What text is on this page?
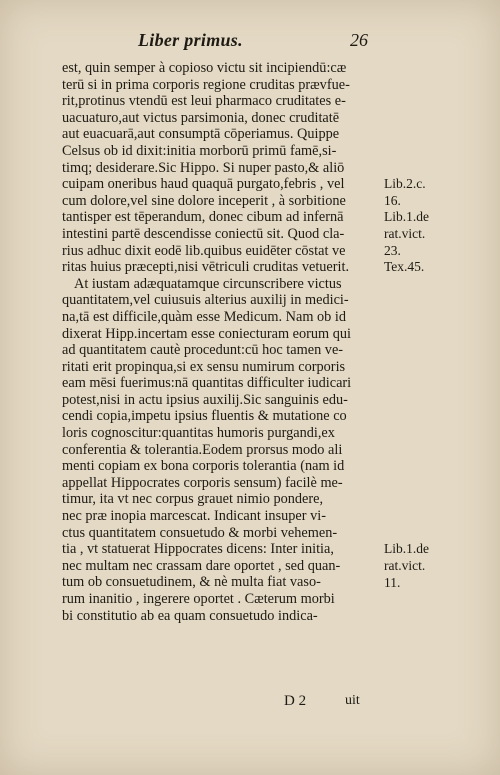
Liber primus.	26
est, quin semper à copioso victu sit incipiendū:cæ
terū si in prima corporis regione cruditas prævfue-
rit,protinus vtendū est leui pharmaco cruditates e-
uacuaturo,aut victus parsimonia, donec cruditatē
aut euacuarā,aut consumptā cōperiamus. Quippe
Celsus ob id dixit:initia morborū primū famē,si-
timq; desiderare.Sic Hippo. Si nuper pasto,& aliō
cuipam oneribus haud quaquā purgato,febris , vel
cum dolore,vel sine dolore inceperit , à sorbitione
tantisper est tēperandum, donec cibum ad infernā
intestini partē descendisse coniectū sit. Quod cla-
rius adhuc dixit eodē lib.quibus euidēter cōstat ve
ritas huius præcepti,nisi vētriculi cruditas vetuerit.
At iustam adæquatamque circunscribere victus
quantitatem,vel cuiusuis alterius auxilij in medici-
na,tā est difficile,quàm esse Medicum. Nam ob id
dixerat Hipp.incertam esse coniecturam eorum qui
ad quantitatem cautè procedunt:cū hoc tamen ve-
ritati erit propinqua,si ex sensu numirum corporis
eam mēsi fuerimus:nā quantitas difficulter iudicari
potest,nisi in actu ipsius auxilij.Sic sanguinis edu-
cendi copia,impetu ipsius fluentis & mutatione co
loris cognoscitur:quantitas humoris purgandi,ex
conferentia & tolerantia.Eodem prorsus modo ali
menti copiam ex bona corporis tolerantia (nam id
appellat Hippocrates corporis sensum) facilè me-
timur, ita vt nec corpus grauet nimio pondere,
nec præ inopia marcescat. Indicant insuper vi-
ctus quantitatem consuetudo & morbi vehemen-
tia , vt statuerat Hippocrates dicens: Inter initia,
nec multam nec crassam dare oportet , sed quan-
tum ob consuetudinem, & nè multa fiat vaso-
rum inanitio , ingerere oportet . Cæterum morbi
bi constitutio ab ea quam consuetudo indica-
Lib.2.c.
16.
Lib.1.de
rat.vict.
23.
Tex.45.
Lib.1.de
rat.vict.
11.
D 2	uit
